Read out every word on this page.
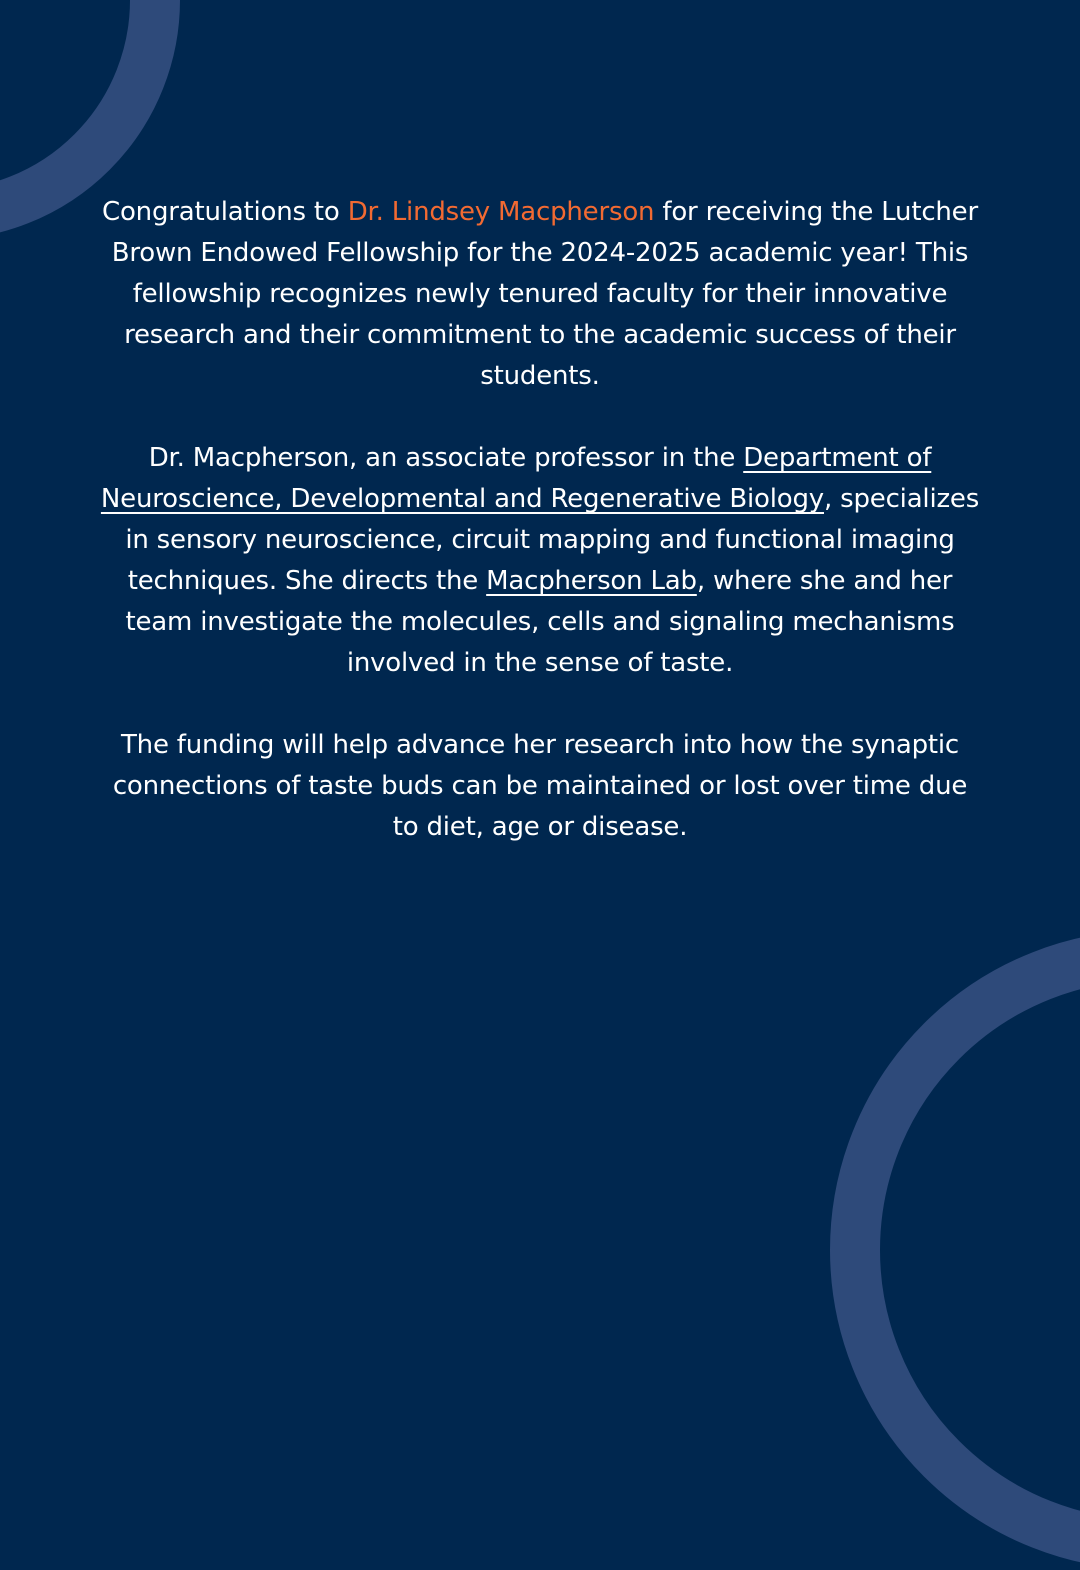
Congratulations to Dr. Lindsey Macpherson for receiving the Lutcher Brown Endowed Fellowship for the 2024-2025 academic year! This fellowship recognizes newly tenured faculty for their innovative research and their commitment to the academic success of their students.

Dr. Macpherson, an associate professor in the Department of Neuroscience, Developmental and Regenerative Biology, specializes in sensory neuroscience, circuit mapping and functional imaging techniques. She directs the Macpherson Lab, where she and her team investigate the molecules, cells and signaling mechanisms involved in the sense of taste.

The funding will help advance her research into how the synaptic connections of taste buds can be maintained or lost over time due to diet, age or disease.
